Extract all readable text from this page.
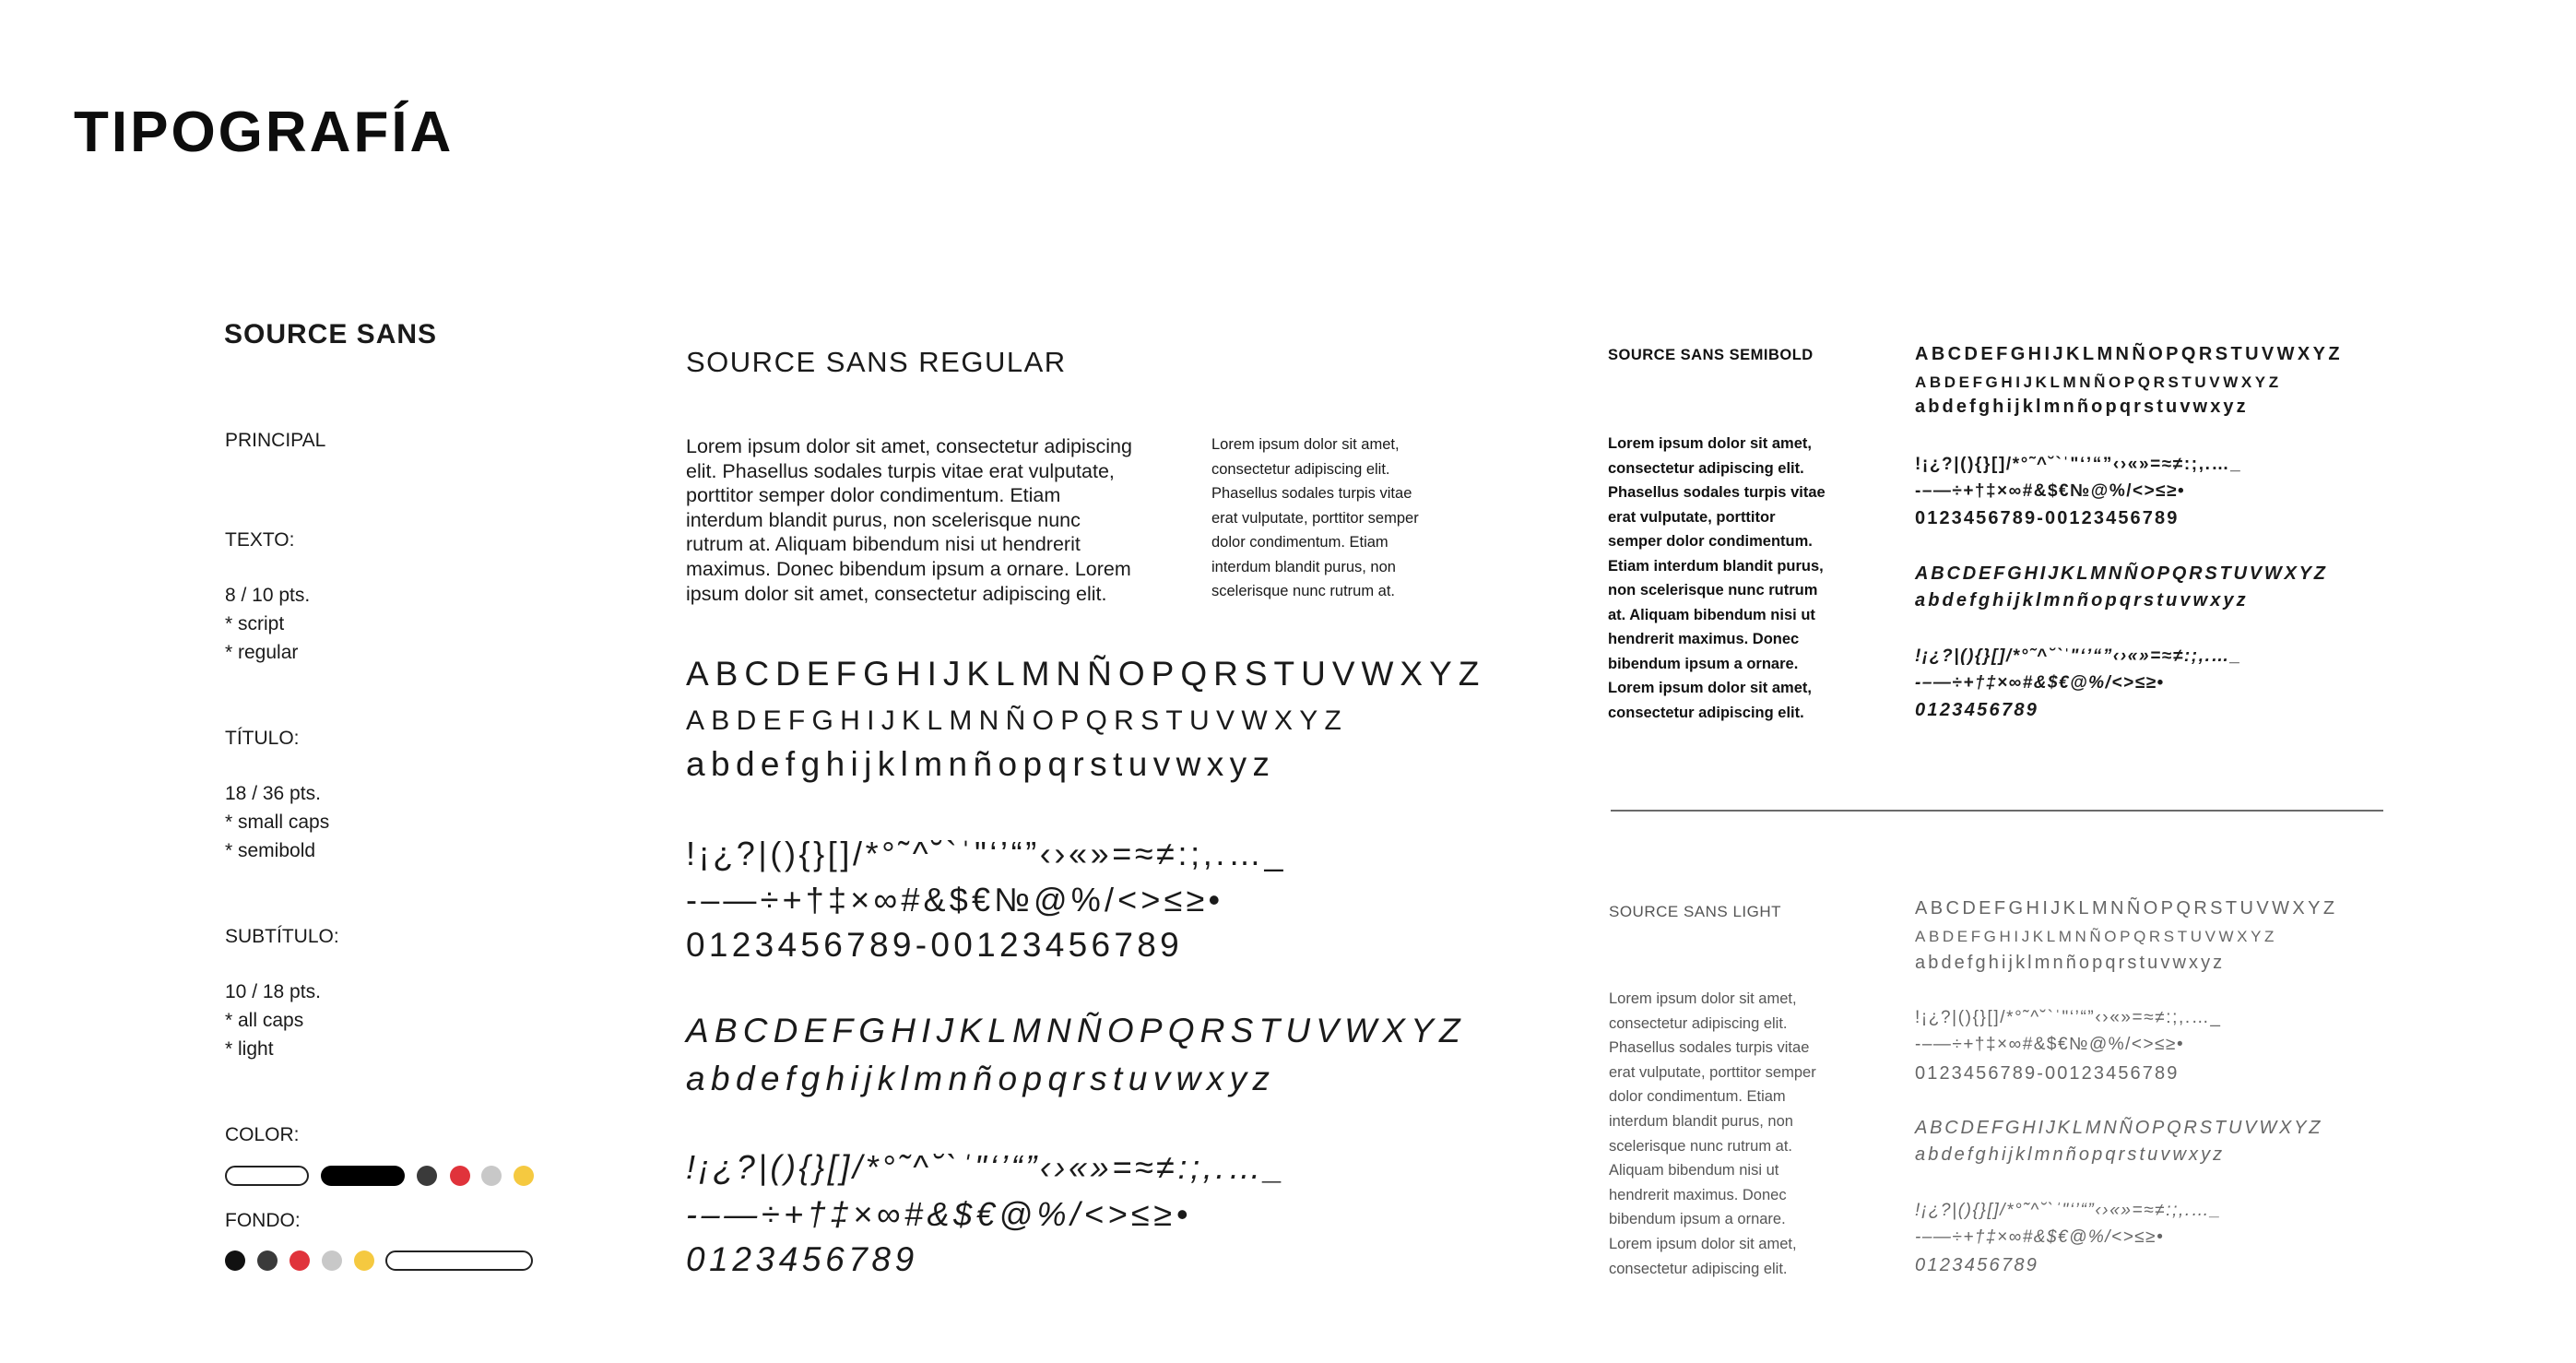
TIPOGRAFÍA
SOURCE SANS
PRINCIPAL
TEXTO:
8 / 10 pts.
* script
* regular
TÍTULO:
18 / 36 pts.
* small caps
* semibold
SUBTÍTULO:
10 / 18 pts.
* all caps
* light
COLOR:
FONDO:
SOURCE SANS REGULAR

Lorem ipsum dolor sit amet, consectetur adipiscing elit. Phasellus sodales turpis vitae erat vulputate, porttitor semper dolor condimentum. Etiam interdum blandit purus, non scelerisque nunc rutrum at. Aliquam bibendum nisi ut hendrerit maximus. Donec bibendum ipsum a ornare. Lorem ipsum dolor sit amet, consectetur adipiscing elit.

Lorem ipsum dolor sit amet, consectetur adipiscing elit. Phasellus sodales turpis vitae erat vulputate, porttitor semper dolor condimentum. Etiam interdum blandit purus, non scelerisque nunc rutrum at.

ABCDEFGHIJKLMNÑOPQRSTUVWXYZ
ABDEFGHIJKLMNÑOPQRSTUVWXYZ
abdefghijklmnñopqrstuvwxyz
!¡¿?|(){}[]/*°˜^˘`ˈ"‘’“”‹›«»=≈≠:;,.…_
-–—÷+†‡×∞#&$€№@%/<>≤≥•
0123456789-00123456789
ABCDEFGHIJKLMNÑOPQRSTUVWXYZ
abdefghijklmnñopqrstuvwxyz
!¡¿?|(){}[]/*°˜^˘`ˈ"‘’“”‹›«»=≈≠:;,.…_
-–—÷+†‡×∞#&$€@%/<>≤≥•
0123456789
SOURCE SANS SEMIBOLD

Lorem ipsum dolor sit amet, consectetur adipiscing elit. Phasellus sodales turpis vitae erat vulputate, porttitor semper dolor condimentum. Etiam interdum blandit purus, non scelerisque nunc rutrum at. Aliquam bibendum nisi ut hendrerit maximus. Donec bibendum ipsum a ornare. Lorem ipsum dolor sit amet, consectetur adipiscing elit.

ABCDEFGHIJKLMNÑOPQRSTUVWXYZ
ABDEFGHIJKLMNÑOPQRSTUVWXYZ
abdefghijklmnñopqrstuvwxyz
!¡¿?|(){}[]/*°˜^˘`ˈ"‘’“”‹›«»=≈≠:;,.…_
-–—÷+†‡×∞#&$€№@%/<>≤≥•
0123456789-00123456789
ABCDEFGHIJKLMNÑOPQRSTUVWXYZ
abdefghijklmnñopqrstuvwxyz
!¡¿?|(){}[]/*°˜^˘`ˈ"‘’“”‹›«»=≈≠:;,.…_
-–—÷+†‡×∞#&$€@%/<>≤≥•
0123456789
SOURCE SANS LIGHT

Lorem ipsum dolor sit amet, consectetur adipiscing elit. Phasellus sodales turpis vitae erat vulputate, porttitor semper dolor condimentum. Etiam interdum blandit purus, non scelerisque nunc rutrum at. Aliquam bibendum nisi ut hendrerit maximus. Donec bibendum ipsum a ornare. Lorem ipsum dolor sit amet, consectetur adipiscing elit.

ABCDEFGHIJKLMNÑOPQRSTUVWXYZ
ABDEFGHIJKLMNÑOPQRSTUVWXYZ
abdefghijklmnñopqrstuvwxyz
!¡¿?|(){}[]/*°˜^˘`ˈ"‘’“”‹›«»=≈≠:;,.…_
-–—÷+†‡×∞#&$€№@%/<>≤≥•
0123456789-00123456789
ABCDEFGHIJKLMNÑOPQRSTUVWXYZ
abdefghijklmnñopqrstuvwxyz
!¡¿?|(){}[]/*°˜^˘`ˈ"‘’“”‹›«»=≈≠:;,.…_
-–—÷+†‡×∞#&$€@%/<>≤≥•
0123456789
